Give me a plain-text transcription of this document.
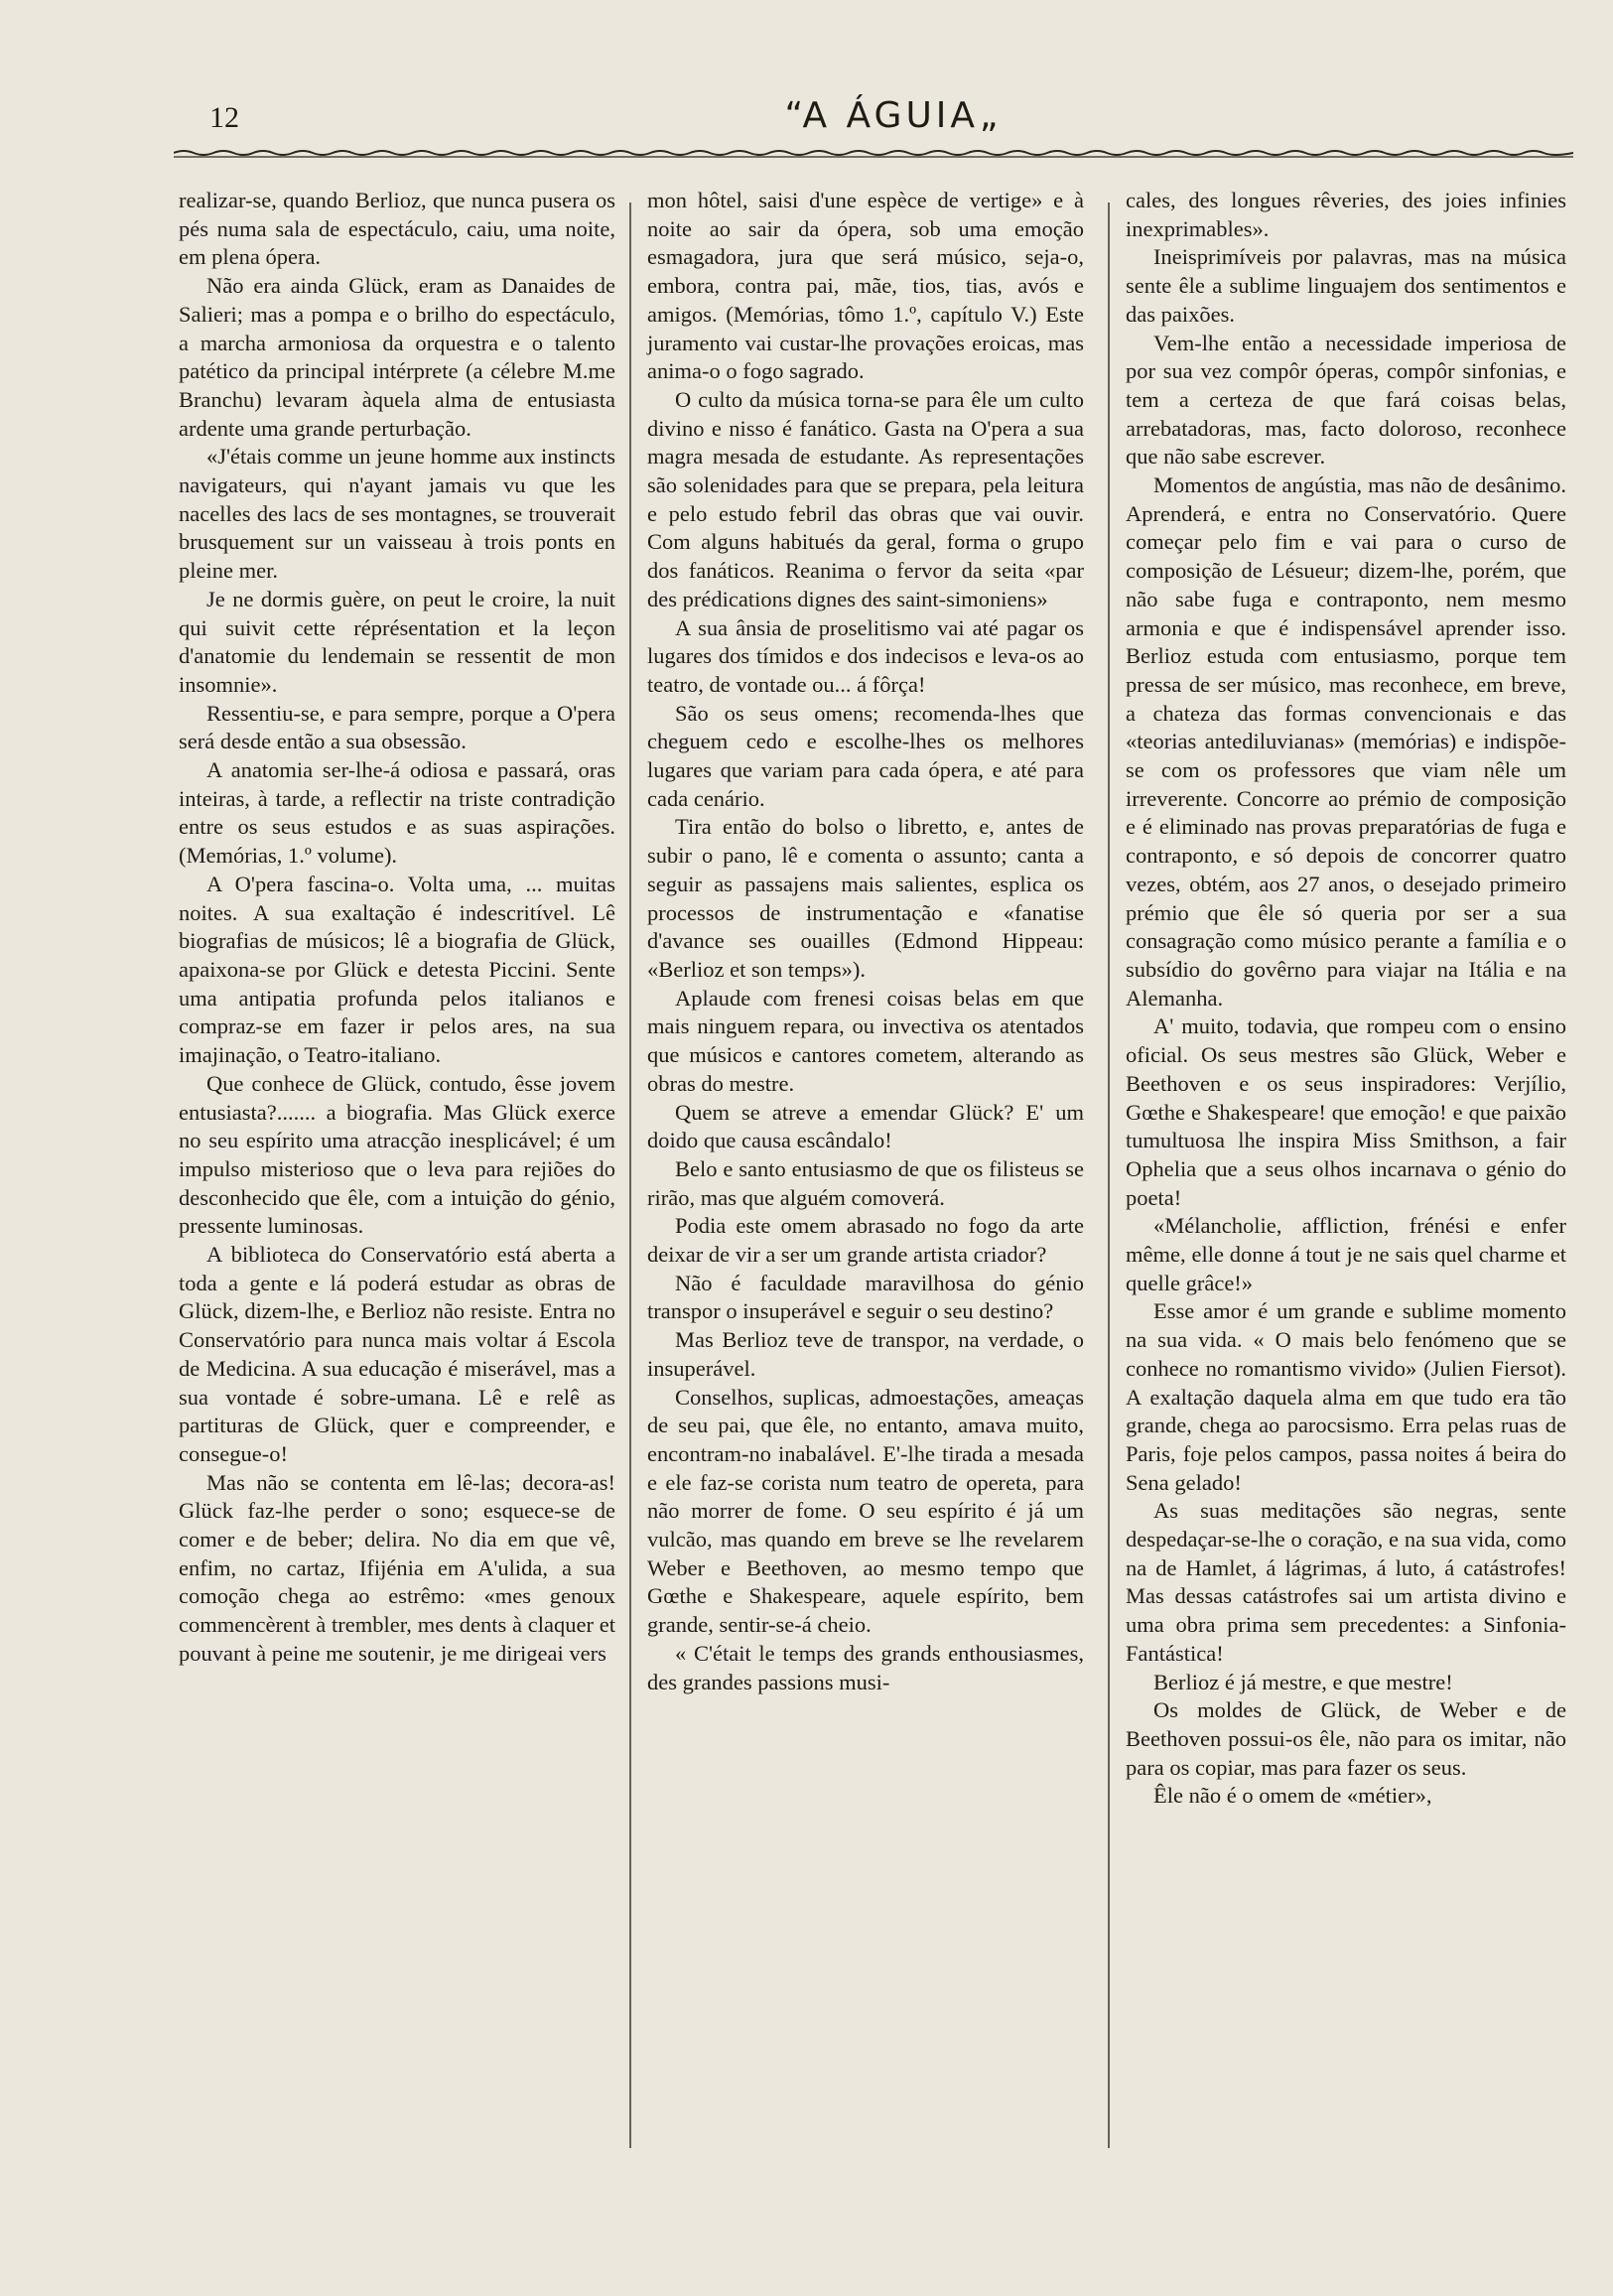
12	“A ÁGUIA„

realizar-se, quando Berlioz, que nunca pusera os pés numa sala de espectáculo, caiu, uma noite, em plena ópera.

Não era ainda Glück, eram as Danaides de Salieri; mas a pompa e o brilho do espectáculo, a marcha armoniosa da orquestra e o talento patético da principal intérprete (a célebre M.me Branchu) levaram àquela alma de entusiasta ardente uma grande perturbação.

«J'étais comme un jeune homme aux instincts navigateurs, qui n'ayant jamais vu que les nacelles des lacs de ses montagnes, se trouverait brusquement sur un vaisseau à trois ponts en pleine mer.

Je ne dormis guère, on peut le croire, la nuit qui suivit cette réprésentation et la leçon d'anatomie du lendemain se ressentit de mon insomnie».

Ressentiu-se, e para sempre, porque a O'pera será desde então a sua obsessão.

A anatomia ser-lhe-á odiosa e passará, oras inteiras, à tarde, a reflectir na triste contradição entre os seus estudos e as suas aspirações. (Memórias, 1.º volume).

A O'pera fascina-o. Volta uma, ... muitas noites. A sua exaltação é indescritível. Lê biografias de músicos; lê a biografia de Glück, apaixona-se por Glück e detesta Piccini. Sente uma antipatia profunda pelos italianos e compraz-se em fazer ir pelos ares, na sua imajinação, o Teatro-italiano.

Que conhece de Glück, contudo, êsse jovem entusiasta?....... a biografia. Mas Glück exerce no seu espírito uma atracção inesplicável; é um impulso misterioso que o leva para rejiões do desconhecido que êle, com a intuição do génio, pressente luminosas.

A biblioteca do Conservatório está aberta a toda a gente e lá poderá estudar as obras de Glück, dizem-lhe, e Berlioz não resiste. Entra no Conservatório para nunca mais voltar á Escola de Medicina. A sua educação é miserável, mas a sua vontade é sobre-umana. Lê e relê as partituras de Glück, quer e compreender, e consegue-o!

Mas não se contenta em lê-las; decora-as! Glück faz-lhe perder o sono; esquece-se de comer e de beber; delira. No dia em que vê, enfim, no cartaz, Ifijénia em A'ulida, a sua comoção chega ao estrêmo: «mes genoux commencèrent à trembler, mes dents à claquer et pouvant à peine me soutenir, je me dirigeai vers

mon hôtel, saisi d'une espèce de vertige» e à noite ao sair da ópera, sob uma emoção esmagadora, jura que será músico, seja-o, embora, contra pai, mãe, tios, tias, avós e amigos. (Memórias, tômo 1.º, capítulo V.) Este juramento vai custar-lhe provações eroicas, mas anima-o o fogo sagrado.

O culto da música torna-se para êle um culto divino e nisso é fanático. Gasta na O'pera a sua magra mesada de estudante. As representações são solenidades para que se prepara, pela leitura e pelo estudo febril das obras que vai ouvir. Com alguns habitués da geral, forma o grupo dos fanáticos. Reanima o fervor da seita «par des prédications dignes des saint-simoniens»

A sua ânsia de proselitismo vai até pagar os lugares dos tímidos e dos indecisos e leva-os ao teatro, de vontade ou... á fôrça!

São os seus omens; recomenda-lhes que cheguem cedo e escolhe-lhes os melhores lugares que variam para cada ópera, e até para cada cenário.

Tira então do bolso o libretto, e, antes de subir o pano, lê e comenta o assunto; canta a seguir as passajens mais salientes, esplica os processos de instrumentação e «fanatise d'avance ses ouailles (Edmond Hippeau: «Berlioz et son temps»).

Aplaude com frenesi coisas belas em que mais ninguem repara, ou invectiva os atentados que músicos e cantores cometem, alterando as obras do mestre.

Quem se atreve a emendar Glück? E' um doido que causa escândalo!

Belo e santo entusiasmo de que os filisteus se rirão, mas que alguém comoverá.

Podia este omem abrasado no fogo da arte deixar de vir a ser um grande artista criador?

Não é faculdade maravilhosa do génio transpor o insuperável e seguir o seu destino?

Mas Berlioz teve de transpor, na verdade, o insuperável.

Conselhos, suplicas, admoestações, ameaças de seu pai, que êle, no entanto, amava muito, encontram-no inabalável. E'-lhe tirada a mesada e ele faz-se corista num teatro de opereta, para não morrer de fome. O seu espírito é já um vulcão, mas quando em breve se lhe revelarem Weber e Beethoven, ao mesmo tempo que Gœthe e Shakespeare, aquele espírito, bem grande, sentir-se-á cheio.

« C'était le temps des grands enthousiasmes, des grandes passions musi-

cales, des longues rêveries, des joies infinies inexprimables».

Ineisprimíveis por palavras, mas na música sente êle a sublime linguajem dos sentimentos e das paixões.

Vem-lhe então a necessidade imperiosa de por sua vez compôr óperas, compôr sinfonias, e tem a certeza de que fará coisas belas, arrebatadoras, mas, facto doloroso, reconhece que não sabe escrever.

Momentos de angústia, mas não de desânimo. Aprenderá, e entra no Conservatório. Quere começar pelo fim e vai para o curso de composição de Lésueur; dizem-lhe, porém, que não sabe fuga e contraponto, nem mesmo armonia e que é indispensável aprender isso. Berlioz estuda com entusiasmo, porque tem pressa de ser músico, mas reconhece, em breve, a chateza das formas convencionais e das «teorias antediluvianas» (memórias) e indispõe-se com os professores que viam nêle um irreverente. Concorre ao prémio de composição e é eliminado nas provas preparatórias de fuga e contraponto, e só depois de concorrer quatro vezes, obtém, aos 27 anos, o desejado primeiro prémio que êle só queria por ser a sua consagração como músico perante a família e o subsídio do govêrno para viajar na Itália e na Alemanha.

A' muito, todavia, que rompeu com o ensino oficial. Os seus mestres são Glück, Weber e Beethoven e os seus inspiradores: Verjílio, Gœthe e Shakespeare! que emoção! e que paixão tumultuosa lhe inspira Miss Smithson, a fair Ophelia que a seus olhos incarnava o génio do poeta!

«Mélancholie, affliction, frénési e enfer même, elle donne á tout je ne sais quel charme et quelle grâce!»

Esse amor é um grande e sublime momento na sua vida. « O mais belo fenómeno que se conhece no romantismo vivido» (Julien Fiersot). A exaltação daquela alma em que tudo era tão grande, chega ao parocsismo. Erra pelas ruas de Paris, foje pelos campos, passa noites á beira do Sena gelado!

As suas meditações são negras, sente despedaçar-se-lhe o coração, e na sua vida, como na de Hamlet, á lágrimas, á luto, á catástrofes! Mas dessas catástrofes sai um artista divino e uma obra prima sem precedentes: a Sinfonia-Fantástica!

Berlioz é já mestre, e que mestre!

Os moldes de Glück, de Weber e de Beethoven possui-os êle, não para os imitar, não para os copiar, mas para fazer os seus.

Êle não é o omem de «métier»,
